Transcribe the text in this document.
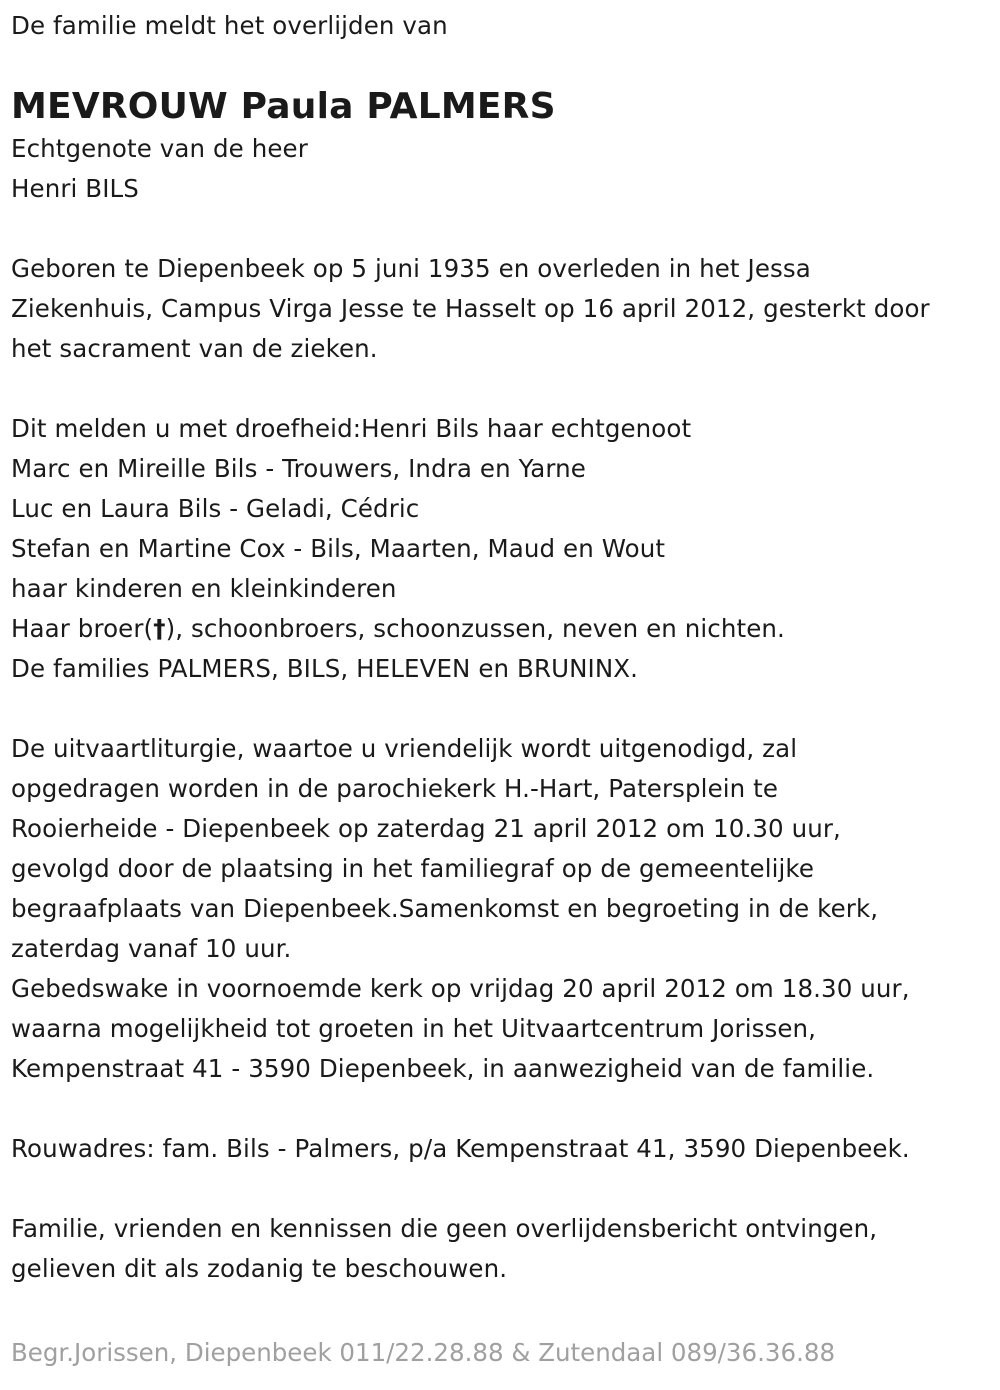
De familie meldt het overlijden van
MEVROUW Paula PALMERS
Echtgenote van de heer
Henri BILS
Geboren te Diepenbeek op 5 juni 1935 en overleden in het Jessa
Ziekenhuis, Campus Virga Jesse te Hasselt op 16 april 2012, gesterkt door
het sacrament van de zieken.
Dit melden u met droefheid:Henri Bils haar echtgenoot
Marc en Mireille Bils - Trouwers, Indra en Yarne
Luc en Laura Bils - Geladi, Cédric
Stefan en Martine Cox - Bils, Maarten, Maud en Wout
haar kinderen en kleinkinderen
Haar broer(†), schoonbroers, schoonzussen, neven en nichten.
De families PALMERS, BILS, HELEVEN en BRUNINX.
De uitvaartliturgie, waartoe u vriendelijk wordt uitgenodigd, zal
opgedragen worden in de parochiekerk H.-Hart, Patersplein te
Rooierheide - Diepenbeek op zaterdag 21 april 2012 om 10.30 uur,
gevolgd door de plaatsing in het familiegraf op de gemeentelijke
begraafplaats van Diepenbeek.Samenkomst en begroeting in de kerk,
zaterdag vanaf 10 uur.
Gebedswake in voornoemde kerk op vrijdag 20 april 2012 om 18.30 uur,
waarna mogelijkheid tot groeten in het Uitvaartcentrum Jorissen,
Kempenstraat 41 - 3590 Diepenbeek, in aanwezigheid van de familie.
Rouwadres: fam. Bils - Palmers, p/a Kempenstraat 41, 3590 Diepenbeek.
Familie, vrienden en kennissen die geen overlijdensbericht ontvingen,
gelieven dit als zodanig te beschouwen.
Begr.Jorissen, Diepenbeek 011/22.28.88 & Zutendaal 089/36.36.88
